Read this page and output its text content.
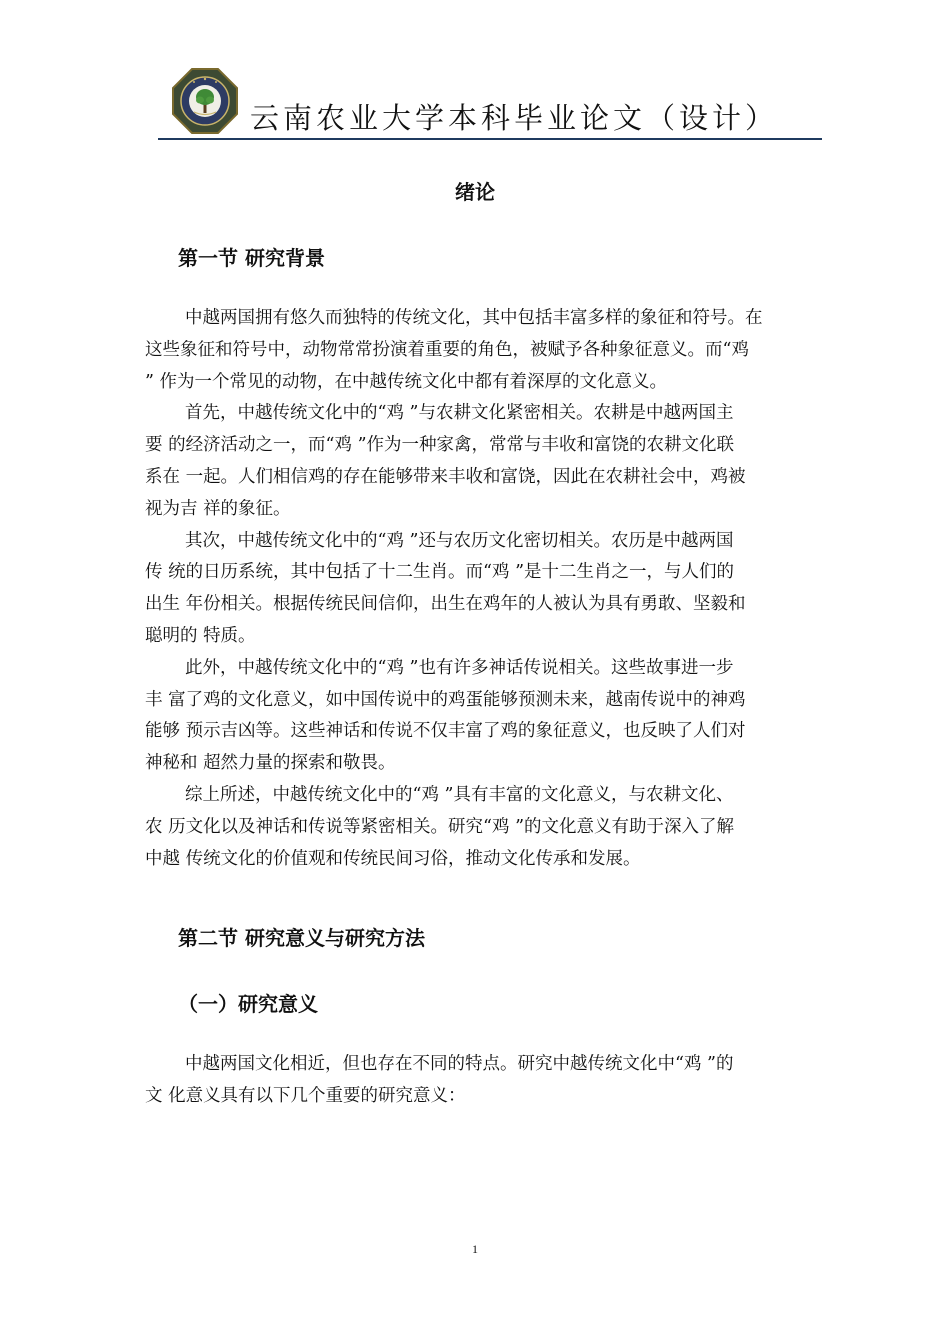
云南农业大学本科毕业论文（设计）
绪论
第一节 研究背景
中越两国拥有悠久而独特的传统文化，其中包括丰富多样的象征和符号。在
这些象征和符号中，动物常常扮演着重要的角色，被赋予各种象征意义。而“鸡
” 作为一个常见的动物，在中越传统文化中都有着深厚的文化意义。
首先，中越传统文化中的“鸡 ”与农耕文化紧密相关。农耕是中越两国主
要 的经济活动之一，而“鸡 ”作为一种家禽，常常与丰收和富饶的农耕文化联
系在 一起。人们相信鸡的存在能够带来丰收和富饶，因此在农耕社会中，鸡被
视为吉 祥的象征。
其次，中越传统文化中的“鸡 ”还与农历文化密切相关。农历是中越两国
传 统的日历系统，其中包括了十二生肖。而“鸡 ”是十二生肖之一，与人们的
出生 年份相关。根据传统民间信仰，出生在鸡年的人被认为具有勇敢、坚毅和
聪明的 特质。
此外，中越传统文化中的“鸡 ”也有许多神话传说相关。这些故事进一步
丰 富了鸡的文化意义，如中国传说中的鸡蛋能够预测未来，越南传说中的神鸡
能够 预示吉凶等。这些神话和传说不仅丰富了鸡的象征意义，也反映了人们对
神秘和 超然力量的探索和敬畏。
综上所述，中越传统文化中的“鸡 ”具有丰富的文化意义，与农耕文化、
农 历文化以及神话和传说等紧密相关。研究“鸡 ”的文化意义有助于深入了解
中越 传统文化的价值观和传统民间习俗，推动文化传承和发展。
第二节 研究意义与研究方法
（一）研究意义
中越两国文化相近，但也存在不同的特点。研究中越传统文化中“鸡 ”的
文 化意义具有以下几个重要的研究意义：
1
